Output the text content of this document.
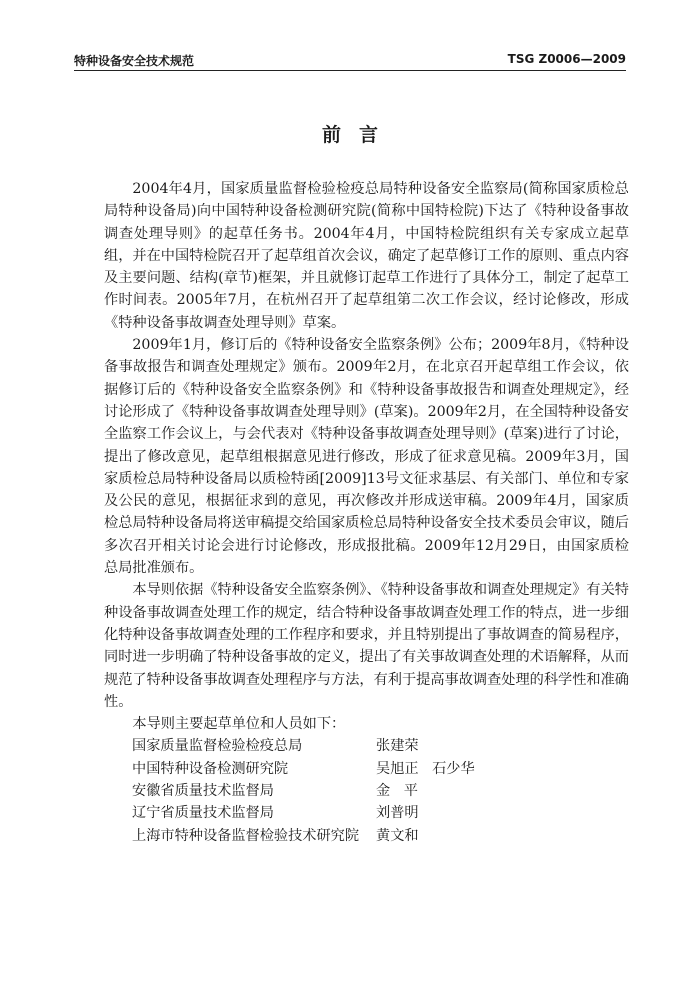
特种设备安全技术规范	TSG Z0006—2009
前言

2004年4月，国家质量监督检验检疫总局特种设备安全监察局(简称国家质检总局特种设备局)向中国特种设备检测研究院(简称中国特检院)下达了《特种设备事故调查处理导则》的起草任务书。2004年4月，中国特检院组织有关专家成立起草组，并在中国特检院召开了起草组首次会议，确定了起草修订工作的原则、重点内容及主要问题、结构(章节)框架，并且就修订起草工作进行了具体分工，制定了起草工作时间表。2005年7月，在杭州召开了起草组第二次工作会议，经讨论修改，形成《特种设备事故调查处理导则》草案。

2009年1月，修订后的《特种设备安全监察条例》公布；2009年8月，《特种设备事故报告和调查处理规定》颁布。2009年2月，在北京召开起草组工作会议，依据修订后的《特种设备安全监察条例》和《特种设备事故报告和调查处理规定》，经讨论形成了《特种设备事故调查处理导则》(草案)。2009年2月，在全国特种设备安全监察工作会议上，与会代表对《特种设备事故调查处理导则》(草案)进行了讨论，提出了修改意见，起草组根据意见进行修改，形成了征求意见稿。2009年3月，国家质检总局特种设备局以质检特函[2009]13号文征求基层、有关部门、单位和专家及公民的意见，根据征求到的意见，再次修改并形成送审稿。2009年4月，国家质检总局特种设备局将送审稿提交给国家质检总局特种设备安全技术委员会审议，随后多次召开相关讨论会进行讨论修改，形成报批稿。2009年12月29日，由国家质检总局批准颁布。

本导则依据《特种设备安全监察条例》、《特种设备事故和调查处理规定》有关特种设备事故调查处理工作的规定，结合特种设备事故调查处理工作的特点，进一步细化特种设备事故调查处理的工作程序和要求，并且特别提出了事故调查的简易程序，同时进一步明确了特种设备事故的定义，提出了有关事故调查处理的术语解释，从而规范了特种设备事故调查处理程序与方法，有利于提高事故调查处理的科学性和准确性。

本导则主要起草单位和人员如下：

国家质量监督检验检疫总局	张建荣
中国特种设备检测研究院	吴旭正   石少华
安徽省质量技术监督局	金   平
辽宁省质量技术监督局	刘普明
上海市特种设备监督检验技术研究院 黄文和
